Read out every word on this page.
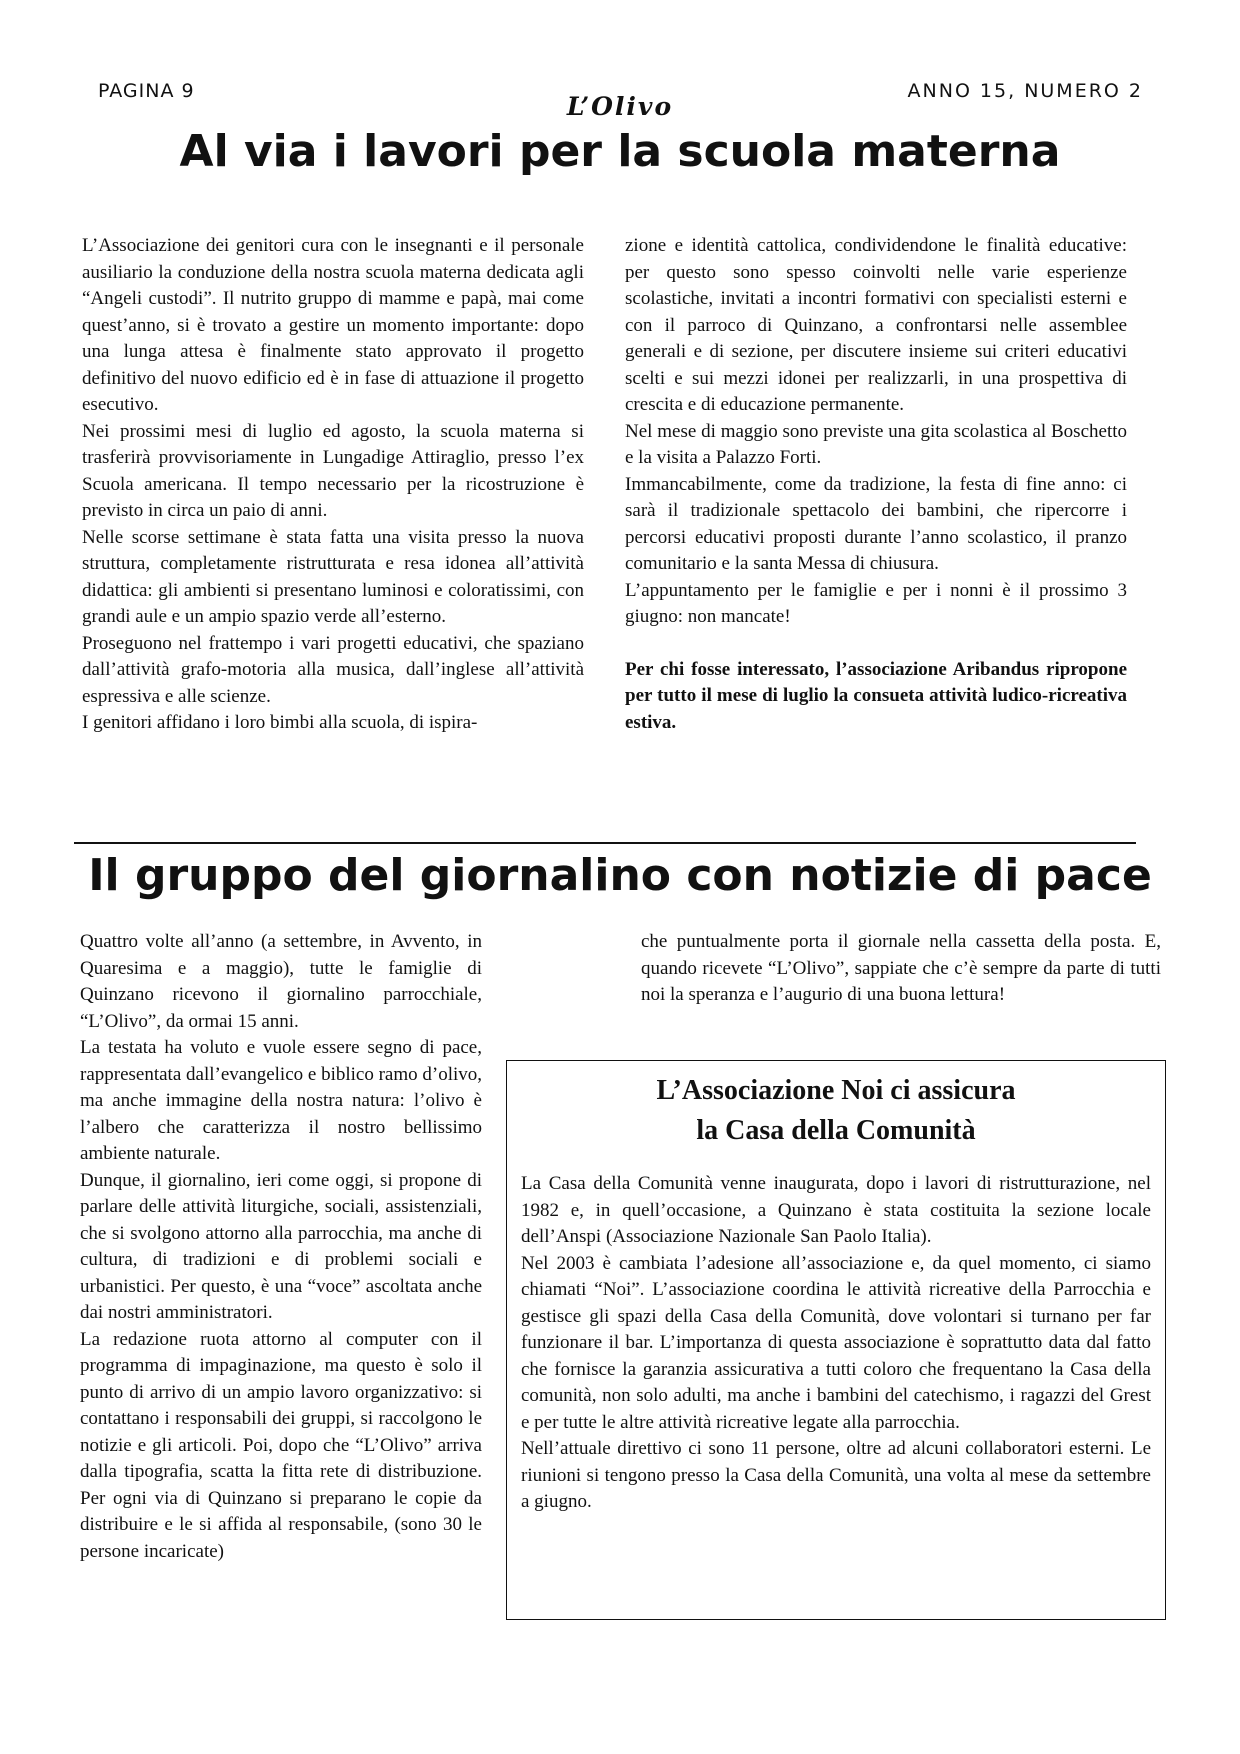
PAGINA 9
L’Olivo
ANNO 15, NUMERO 2
Al via i lavori per la scuola materna

L’Associazione dei genitori cura con le insegnanti e il personale ausiliario la conduzione della nostra scuola materna dedicata agli “Angeli custodi”. Il nutrito gruppo di mamme e papà, mai come quest’anno, si è trovato a gestire un momento importante: dopo una lunga attesa è finalmente stato approvato il progetto definitivo del nuovo edificio ed è in fase di attuazione il progetto esecutivo.

Nei prossimi mesi di luglio ed agosto, la scuola materna si trasferirà provvisoriamente in Lungadige Attiraglio, presso l’ex Scuola americana. Il tempo necessario per la ricostruzione è previsto in circa un paio di anni.

Nelle scorse settimane è stata fatta una visita presso la nuova struttura, completamente ristrutturata e resa idonea all’attività didattica: gli ambienti si presentano luminosi e coloratissimi, con grandi aule e un ampio spazio verde all’esterno.

Proseguono nel frattempo i vari progetti educativi, che spaziano dall’attività grafo-motoria alla musica, dall’inglese all’attività espressiva e alle scienze.

I genitori affidano i loro bimbi alla scuola, di ispira-

zione e identità cattolica, condividendone le finalità educative: per questo sono spesso coinvolti nelle varie esperienze scolastiche, invitati a incontri formativi con specialisti esterni e con il parroco di Quinzano, a confrontarsi nelle assemblee generali e di sezione, per discutere insieme sui criteri educativi scelti e sui mezzi idonei per realizzarli, in una prospettiva di crescita e di educazione permanente.

Nel mese di maggio sono previste una gita scolastica al Boschetto e la visita a Palazzo Forti.

Immancabilmente, come da tradizione, la festa di fine anno: ci sarà il tradizionale spettacolo dei bambini, che ripercorre i percorsi educativi proposti durante l’anno scolastico, il pranzo comunitario e la santa Messa di chiusura.

L’appuntamento per le famiglie e per i nonni è il prossimo 3 giugno: non mancate!

Per chi fosse interessato, l’associazione Aribandus ripropone per tutto il mese di luglio la consueta attività ludico-ricreativa estiva.

Il gruppo del giornalino con notizie di pace

Quattro volte all’anno (a settembre, in Avvento, in Quaresima e a maggio), tutte le famiglie di Quinzano ricevono il giornalino parrocchiale, “L’Olivo”, da ormai 15 anni.

La testata ha voluto e vuole essere segno di pace, rappresentata dall’evangelico e biblico ramo d’olivo, ma anche immagine della nostra natura: l’olivo è l’albero che caratterizza il nostro bellissimo ambiente naturale.

Dunque, il giornalino, ieri come oggi, si propone di parlare delle attività liturgiche, sociali, assistenziali, che si svolgono attorno alla parrocchia, ma anche di cultura, di tradizioni e di problemi sociali e urbanistici. Per questo, è una “voce” ascoltata anche dai nostri amministratori.

La redazione ruota attorno al computer con il programma di impaginazione, ma questo è solo il punto di arrivo di un ampio lavoro organizzativo: si contattano i responsabili dei gruppi, si raccolgono le notizie e gli articoli. Poi, dopo che “L’Olivo” arriva dalla tipografia, scatta la fitta rete di distribuzione. Per ogni via di Quinzano si preparano le copie da distribuire e le si affida al responsabile, (sono 30 le persone incaricate)

che puntualmente porta il giornale nella cassetta della posta. E, quando ricevete “L’Olivo”, sappiate che c’è sempre da parte di tutti noi la speranza e l’augurio di una buona lettura!

L’Associazione Noi ci assicura
la Casa della Comunità

La Casa della Comunità venne inaugurata, dopo i lavori di ristrutturazione, nel 1982 e, in quell’occasione, a Quinzano è stata costituita la sezione locale dell’Anspi (Associazione Nazionale San Paolo Italia).

Nel 2003 è cambiata l’adesione all’associazione e, da quel momento, ci siamo chiamati “Noi”. L’associazione coordina le attività ricreative della Parrocchia e gestisce gli spazi della Casa della Comunità, dove volontari si turnano per far funzionare il bar. L’importanza di questa associazione è soprattutto data dal fatto che fornisce la garanzia assicurativa a tutti coloro che frequentano la Casa della comunità, non solo adulti, ma anche i bambini del catechismo, i ragazzi del Grest e per tutte le altre attività ricreative legate alla parrocchia.

Nell’attuale direttivo ci sono 11 persone, oltre ad alcuni collaboratori esterni. Le riunioni si tengono presso la Casa della Comunità, una volta al mese da settembre a giugno.
